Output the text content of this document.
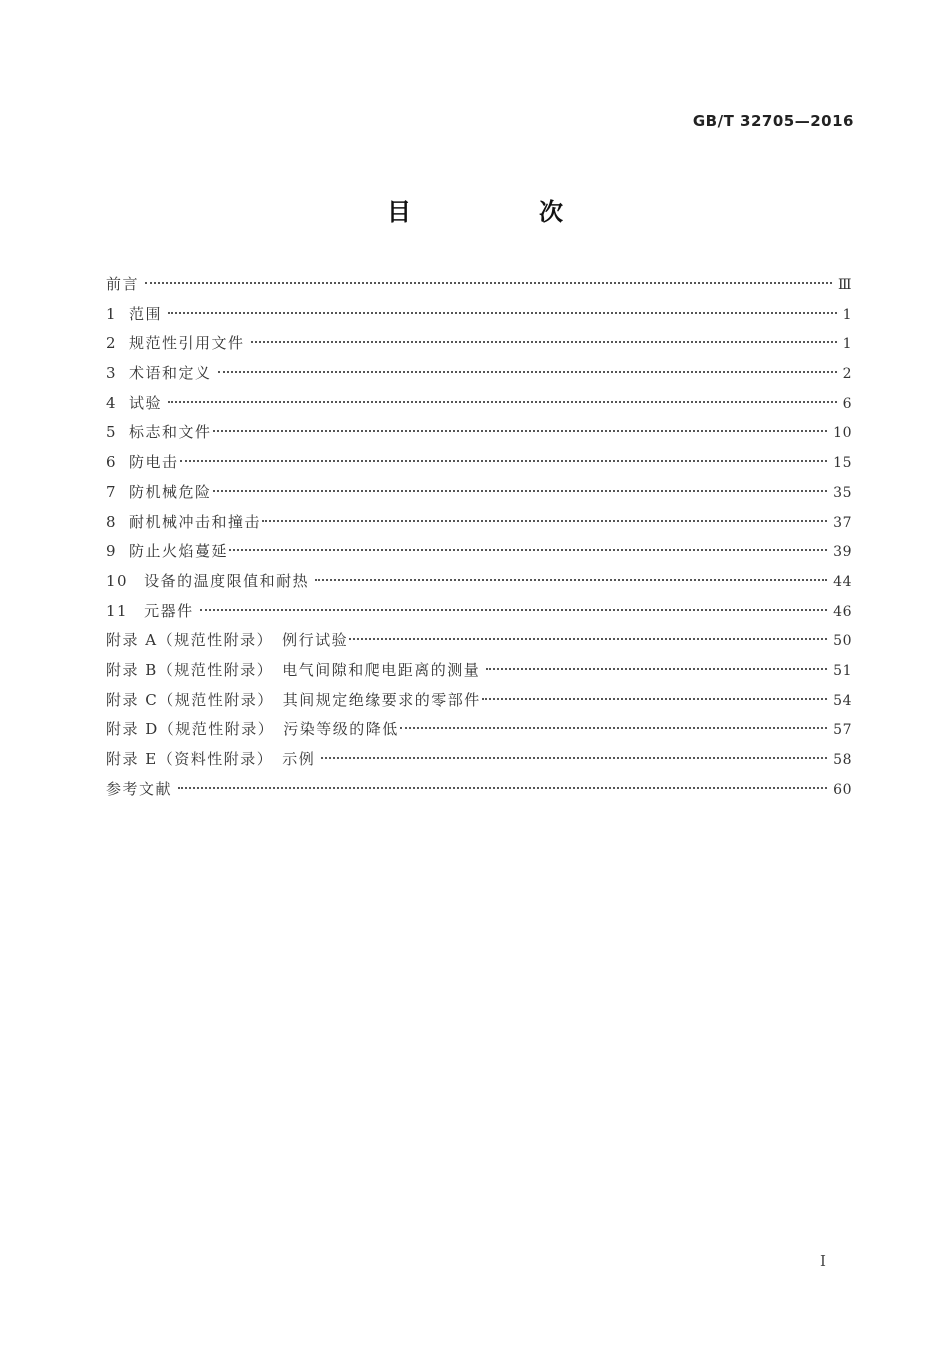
GB/T 32705—2016
目　次
前言	Ⅲ
1 范围	1
2 规范性引用文件	1
3 术语和定义	2
4 试验	6
5 标志和文件	10
6 防电击	15
7 防机械危险	35
8 耐机械冲击和撞击	37
9 防止火焰蔓延	39
10 设备的温度限值和耐热	44
11 元器件	46
附录 A（规范性附录）　例行试验	50
附录 B（规范性附录）　电气间隙和爬电距离的测量	51
附录 C（规范性附录）　其间规定绝缘要求的零部件	54
附录 D（规范性附录）　污染等级的降低	57
附录 E（资料性附录）　示例	58
参考文献	60
Ⅰ
